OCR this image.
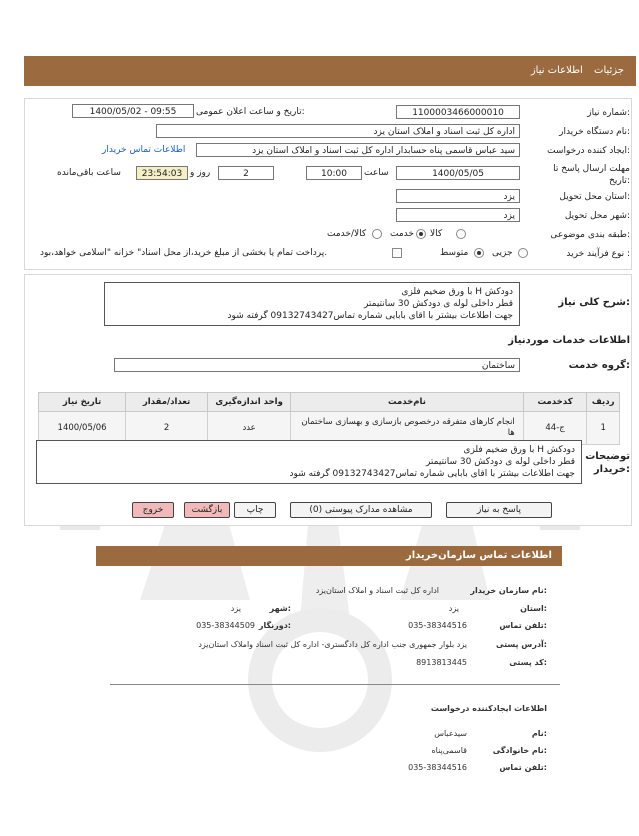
جزئیات اطلاعات نیاز
شماره نیاز:
1100003466000010
تاریخ و ساعت اعلان عمومی:
1400/05/02 - 09:55
نام دستگاه خریدار:
اداره کل ثبت اسناد و املاک استان یزد
ایجاد کننده درخواست:
سید عباس قاسمی پناه حسابدار اداره کل ثبت اسناد و املاک استان یزد
اطلاعات تماس خریدار
مهلت ارسال پاسخ تا تاریخ:
1400/05/05
ساعت
10:00
2
روز و
23:54:03
ساعت باقی‌مانده
استان محل تحویل:
یزد
شهر محل تحویل:
یزد
طبقه بندی موضوعی:
کالا
خدمت
کالا/خدمت
نوع فرآیند خرید :
جزیی
متوسط
پرداخت تمام یا بخشی از مبلغ خرید،از محل اسناد" خزانه "اسلامی خواهد،بود.
شرح کلی نیاز:
دودکش H با ورق ضخیم فلزی
قطر داخلی لوله ی دودکش 30 سانتیمتر
جهت اطلاعات بیشتر با اقای بابایی شماره تماس09132743427 گرفته شود
اطلاعات خدمات موردنیاز
گروه خدمت:
ساختمان
ردیف	کدخدمت	نام‌خدمت	واحد اندازه‌گیری	تعداد/مقدار	تاریخ نیاز
1	ج-44	انجام کارهای متفرقه درخصوص بازسازی و بهسازی ساختمان ها	عدد	2	1400/05/06
توضیحات خریدار:
دودکش H با ورق ضخیم فلزی
قطر داخلی لوله ی دودکش 30 سانتیمتر
جهت اطلاعات بیشتر با اقای بابایی شماره تماس09132743427 گرفته شود
پاسخ به نیاز
مشاهده مدارک پیوستی (0)
چاپ
بازگشت
خروج
اطلاعات تماس سازمان‌خریدار
نام سازمان خریدار:
اداره کل ثبت اسناد و املاک استان‌یزد
استان:
یزد
شهر:
یزد
تلفن تماس:
035-38344516
دورنگار:
035-38344509
آدرس پستی:
یزد بلوار جمهوری جنب اداره کل دادگستری- اداره کل ثبت اسناد واملاک استان‌یزد
کد پستی:
8913813445
اطلاعات ایجادکننده درخواست
نام:
سیدعباس
نام خانوادگی:
قاسمی‌پناه
تلفن تماس:
035-38344516
